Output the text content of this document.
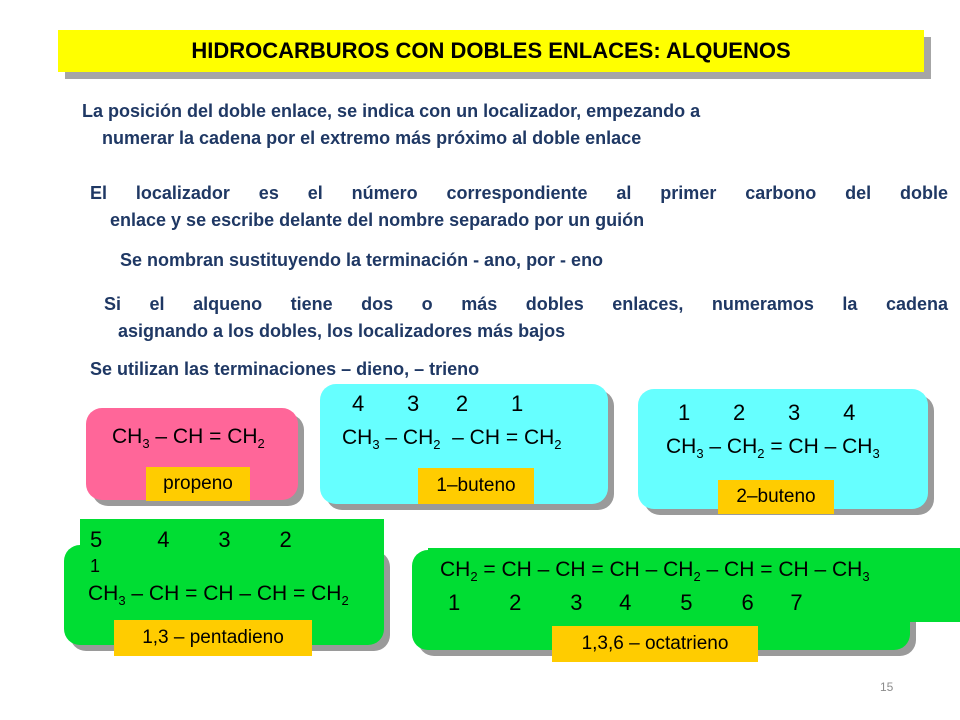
HIDROCARBUROS CON DOBLES ENLACES: ALQUENOS
La posición del doble enlace, se indica con un localizador, empezando a
numerar la cadena por el extremo más próximo al doble enlace
El localizador es el número correspondiente al primer carbono del doble
enlace y se escribe delante del nombre separado por un guión
Se nombran sustituyendo la terminación - ano, por - eno
Si el alqueno tiene dos o más dobles enlaces, numeramos la cadena
asignando a los dobles, los localizadores más bajos
Se utilizan las terminaciones – dieno, – trieno
$CH_3$ – CH = $CH_2$
propeno
4       3      2       1
$CH_3 - CH_2$  – CH = $CH_2$
1–buteno
1       2       3       4
$CH_3 - CH_2$ = CH – $CH_3$
2–buteno
5         4        3        2
1
$CH_3$ – CH = CH – CH = $CH_2$
1,3 – pentadieno
$CH_2$ = CH – CH = CH – $CH_2$ – CH = CH – $CH_3$
1        2        3      4        5        6      7
1,3,6 – octatrieno
15
